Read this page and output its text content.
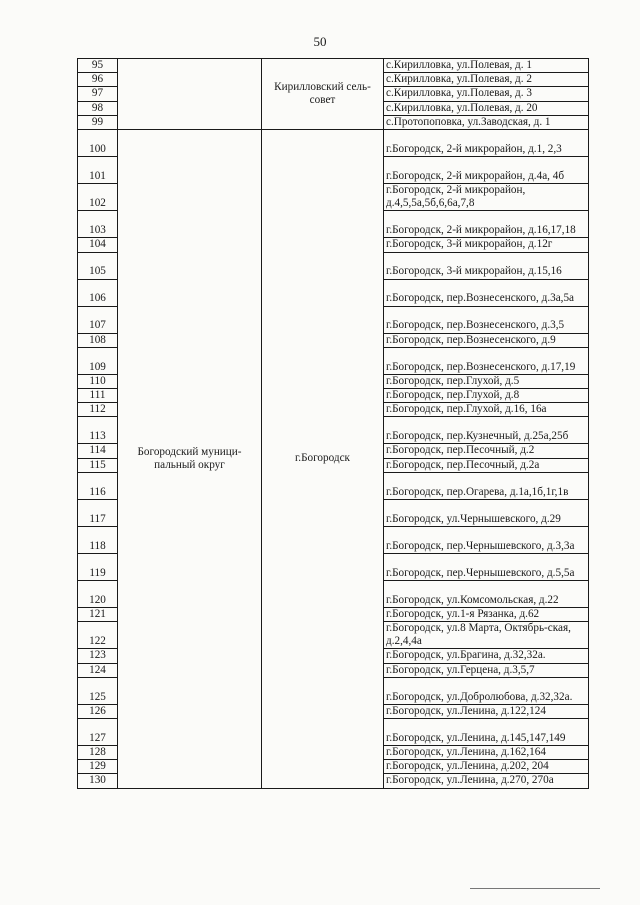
50
95		Кирилловский сель-совет	с.Кирилловка, ул.Полевая, д. 1
96			с.Кирилловка, ул.Полевая, д. 2
97			с.Кирилловка, ул.Полевая, д. 3
98			с.Кирилловка, ул.Полевая, д. 20
99			с.Протопоповка, ул.Заводская, д. 1
100	Богородский муници-пальный округ	г.Богородск	г.Богородск, 2-й микрорайон, д.1, 2,3
101			г.Богородск, 2-й микрорайон, д.4а, 4б
102			г.Богородск, 2-й микрорайон, д.4,5,5а,5б,6,6а,7,8
103			г.Богородск, 2-й микрорайон, д.16,17,18
104			г.Богородск, 3-й микрорайон, д.12г
105			г.Богородск, 3-й микрорайон, д.15,16
106			г.Богородск, пер.Вознесенского, д.3а,5а
107			г.Богородск, пер.Вознесенского, д.3,5
108			г.Богородск, пер.Вознесенского, д.9
109			г.Богородск, пер.Вознесенского, д.17,19
110			г.Богородск, пер.Глухой, д.5
111			г.Богородск, пер.Глухой, д.8
112			г.Богородск, пер.Глухой, д.16, 16а
113			г.Богородск, пер.Кузнечный, д.25а,25б
114			г.Богородск, пер.Песочный, д.2
115			г.Богородск, пер.Песочный, д.2а
116			г.Богородск, пер.Огарева, д.1а,1б,1г,1в
117			г.Богородск, ул.Чернышевского, д.29
118			г.Богородск, пер.Чернышевского, д.3,3а
119			г.Богородск, пер.Чернышевского, д.5,5а
120			г.Богородск, ул.Комсомольская, д.22
121			г.Богородск, ул.1-я Рязанка, д.62
122			г.Богородск, ул.8 Марта, Октябрь-ская, д.2,4,4а
123			г.Богородск, ул.Брагина, д.32,32а.
124			г.Богородск, ул.Герцена, д.3,5,7
125			г.Богородск, ул.Добролюбова, д.32,32а.
126			г.Богородск, ул.Ленина, д.122,124
127			г.Богородск, ул.Ленина, д.145,147,149
128			г.Богородск, ул.Ленина, д.162,164
129			г.Богородск, ул.Ленина, д.202, 204
130			г.Богородск, ул.Ленина, д.270, 270а
